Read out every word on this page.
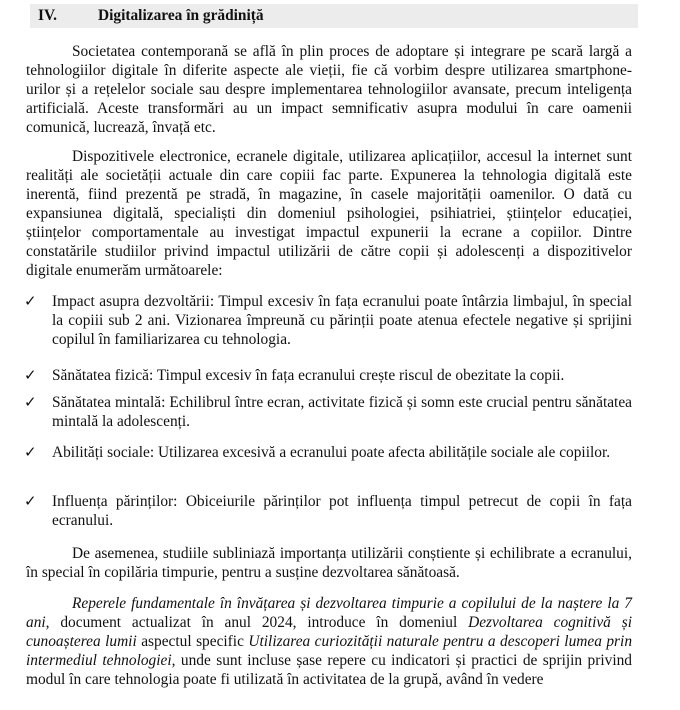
IV.	Digitalizarea în grădiniță

Societatea contemporană se află în plin proces de adoptare și integrare pe scară largă a tehnologiilor digitale în diferite aspecte ale vieții, fie că vorbim despre utilizarea smartphone-urilor și a rețelelor sociale sau despre implementarea tehnologiilor avansate, precum inteligența artificială. Aceste transformări au un impact semnificativ asupra modului în care oamenii comunică, lucrează, învață etc.

Dispozitivele electronice, ecranele digitale, utilizarea aplicațiilor, accesul la internet sunt realități ale societății actuale din care copiii fac parte. Expunerea la tehnologia digitală este inerentă, fiind prezentă pe stradă, în magazine, în casele majorității oamenilor. O dată cu expansiunea digitală, specialiști din domeniul psihologiei, psihiatriei, științelor educației, științelor comportamentale au investigat impactul expunerii la ecrane a copiilor. Dintre constatările studiilor privind impactul utilizării de către copii și adolescenți a dispozitivelor digitale enumerăm următoarele:

✓ Impact asupra dezvoltării: Timpul excesiv în fața ecranului poate întârzia limbajul, în special la copiii sub 2 ani. Vizionarea împreună cu părinții poate atenua efectele negative și sprijini copilul în familiarizarea cu tehnologia.
✓ Sănătatea fizică: Timpul excesiv în fața ecranului crește riscul de obezitate la copii.
✓ Sănătatea mintală: Echilibrul între ecran, activitate fizică și somn este crucial pentru sănătatea mintală la adolescenți.
✓ Abilități sociale: Utilizarea excesivă a ecranului poate afecta abilitățile sociale ale copiilor.
✓ Influența părinților: Obiceiurile părinților pot influența timpul petrecut de copii în fața ecranului.

De asemenea, studiile subliniază importanța utilizării conștiente și echilibrate a ecranului, în special în copilăria timpurie, pentru a susține dezvoltarea sănătoasă.

Reperele fundamentale în învățarea și dezvoltarea timpurie a copilului de la naștere la 7 ani, document actualizat în anul 2024, introduce în domeniul Dezvoltarea cognitivă și cunoașterea lumii aspectul specific Utilizarea curiozității naturale pentru a descoperi lumea prin intermediul tehnologiei, unde sunt incluse șase repere cu indicatori și practici de sprijin privind modul în care tehnologia poate fi utilizată în activitatea de la grupă, având în vedere
